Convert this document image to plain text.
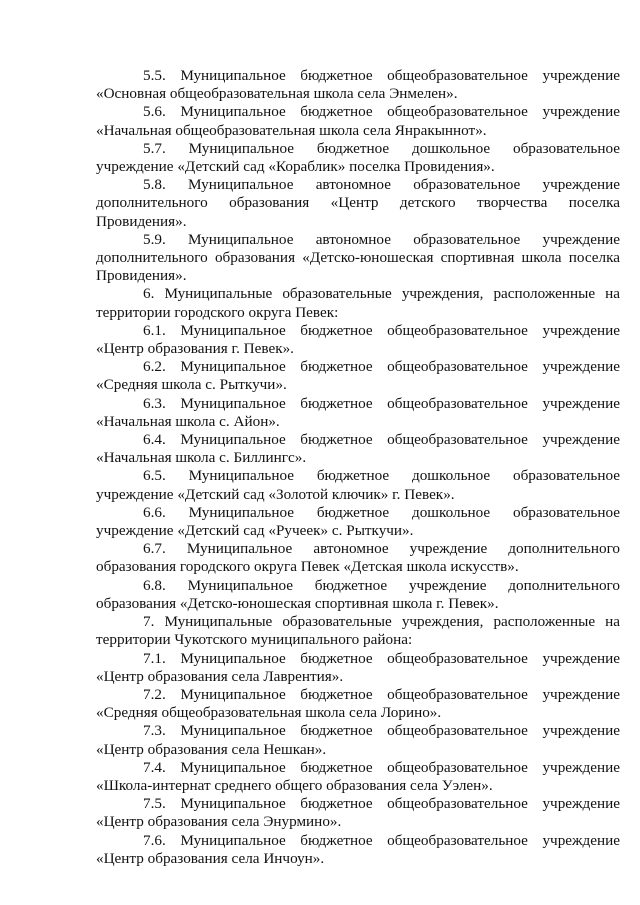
5.5. Муниципальное бюджетное общеобразовательное учреждение «Основная общеобразовательная школа села Энмелен».

5.6. Муниципальное бюджетное общеобразовательное учреждение «Начальная общеобразовательная школа села Янракыннот».

5.7. Муниципальное бюджетное дошкольное образовательное учреждение «Детский сад «Кораблик» поселка Провидения».

5.8. Муниципальное автономное образовательное учреждение дополнительного образования «Центр детского творчества поселка Провидения».

5.9. Муниципальное автономное образовательное учреждение дополнительного образования «Детско-юношеская спортивная школа поселка Провидения».

6. Муниципальные образовательные учреждения, расположенные на территории городского округа Певек:

6.1. Муниципальное бюджетное общеобразовательное учреждение «Центр образования г. Певек».

6.2. Муниципальное бюджетное общеобразовательное учреждение «Средняя школа с. Рыткучи».

6.3. Муниципальное бюджетное общеобразовательное учреждение «Начальная школа с. Айон».

6.4. Муниципальное бюджетное общеобразовательное учреждение «Начальная школа с. Биллингс».

6.5. Муниципальное бюджетное дошкольное образовательное учреждение «Детский сад «Золотой ключик» г. Певек».

6.6. Муниципальное бюджетное дошкольное образовательное учреждение «Детский сад «Ручеек» с. Рыткучи».

6.7. Муниципальное автономное учреждение дополнительного образования городского округа Певек «Детская школа искусств».

6.8. Муниципальное бюджетное учреждение дополнительного образования «Детско-юношеская спортивная школа г. Певек».

7. Муниципальные образовательные учреждения, расположенные на территории Чукотского муниципального района:

7.1. Муниципальное бюджетное общеобразовательное учреждение «Центр образования села Лаврентия».

7.2. Муниципальное бюджетное общеобразовательное учреждение «Средняя общеобразовательная школа села Лорино».

7.3. Муниципальное бюджетное общеобразовательное учреждение «Центр образования села Нешкан».

7.4. Муниципальное бюджетное общеобразовательное учреждение «Школа-интернат среднего общего образования села Уэлен».

7.5. Муниципальное бюджетное общеобразовательное учреждение «Центр образования села Энурмино».

7.6. Муниципальное бюджетное общеобразовательное учреждение «Центр образования села Инчоун».
